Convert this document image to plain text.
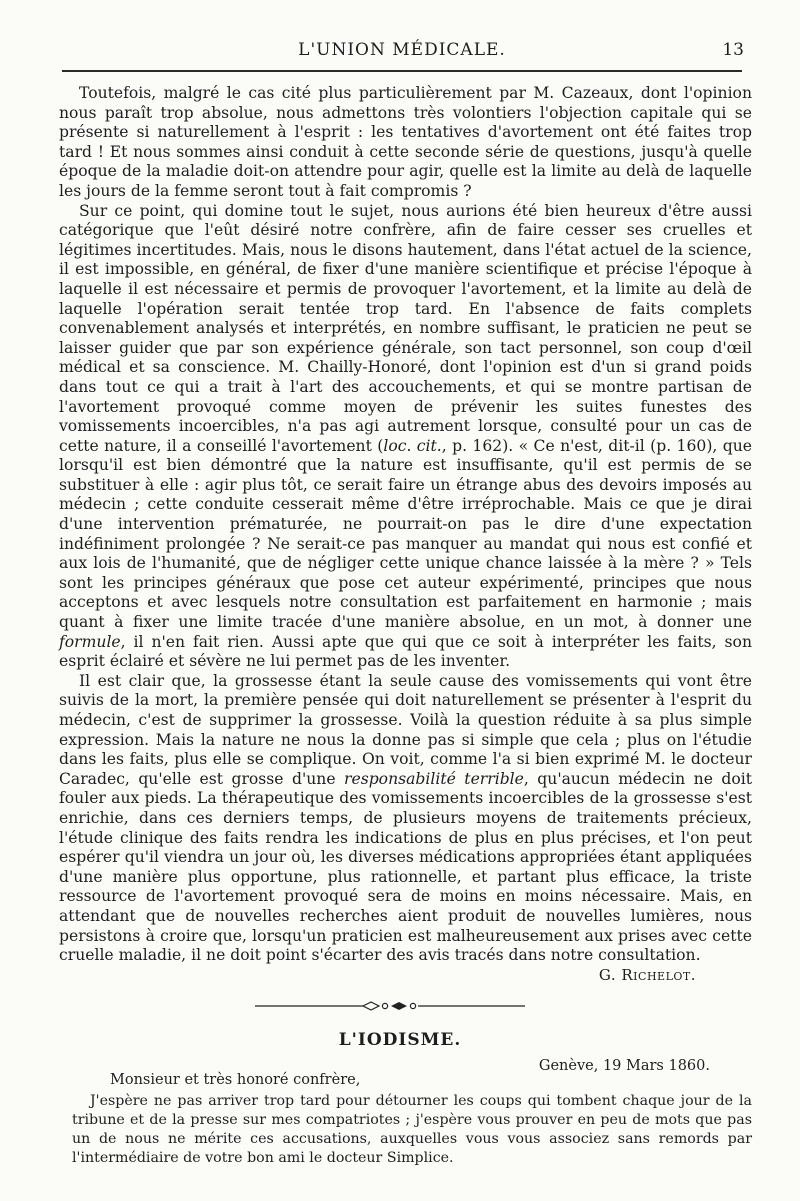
L'UNION MÉDICALE.	13

Toutefois, malgré le cas cité plus particulièrement par M. Cazeaux, dont l'opinion nous paraît trop absolue, nous admettons très volontiers l'objection capitale qui se présente si naturellement à l'esprit : les tentatives d'avortement ont été faites trop tard ! Et nous sommes ainsi conduit à cette seconde série de questions, jusqu'à quelle époque de la maladie doit-on attendre pour agir, quelle est la limite au delà de laquelle les jours de la femme seront tout à fait compromis ?

Sur ce point, qui domine tout le sujet, nous aurions été bien heureux d'être aussi catégorique que l'eût désiré notre confrère, afin de faire cesser ses cruelles et légitimes incertitudes. Mais, nous le disons hautement, dans l'état actuel de la science, il est impossible, en général, de fixer d'une manière scientifique et précise l'époque à laquelle il est nécessaire et permis de provoquer l'avortement, et la limite au delà de laquelle l'opération serait tentée trop tard. En l'absence de faits complets convenablement analysés et interprétés, en nombre suffisant, le praticien ne peut se laisser guider que par son expérience générale, son tact personnel, son coup d'œil médical et sa conscience. M. Chailly-Honoré, dont l'opinion est d'un si grand poids dans tout ce qui a trait à l'art des accouchements, et qui se montre partisan de l'avortement provoqué comme moyen de prévenir les suites funestes des vomissements incoercibles, n'a pas agi autrement lorsque, consulté pour un cas de cette nature, il a conseillé l'avortement (loc. cit., p. 162). « Ce n'est, dit-il (p. 160), que lorsqu'il est bien démontré que la nature est insuffisante, qu'il est permis de se substituer à elle : agir plus tôt, ce serait faire un étrange abus des devoirs imposés au médecin ; cette conduite cesserait même d'être irréprochable. Mais ce que je dirai d'une intervention prématurée, ne pourrait-on pas le dire d'une expectation indéfiniment prolongée ? Ne serait-ce pas manquer au mandat qui nous est confié et aux lois de l'humanité, que de négliger cette unique chance laissée à la mère ? » Tels sont les principes généraux que pose cet auteur expérimenté, principes que nous acceptons et avec lesquels notre consultation est parfaitement en harmonie ; mais quant à fixer une limite tracée d'une manière absolue, en un mot, à donner une formule, il n'en fait rien. Aussi apte que qui que ce soit à interpréter les faits, son esprit éclairé et sévère ne lui permet pas de les inventer.

Il est clair que, la grossesse étant la seule cause des vomissements qui vont être suivis de la mort, la première pensée qui doit naturellement se présenter à l'esprit du médecin, c'est de supprimer la grossesse. Voilà la question réduite à sa plus simple expression. Mais la nature ne nous la donne pas si simple que cela ; plus on l'étudie dans les faits, plus elle se complique. On voit, comme l'a si bien exprimé M. le docteur Caradec, qu'elle est grosse d'une responsabilité terrible, qu'aucun médecin ne doit fouler aux pieds. La thérapeutique des vomissements incoercibles de la grossesse s'est enrichie, dans ces derniers temps, de plusieurs moyens de traitements précieux, l'étude clinique des faits rendra les indications de plus en plus précises, et l'on peut espérer qu'il viendra un jour où, les diverses médications appropriées étant appliquées d'une manière plus opportune, plus rationnelle, et partant plus efficace, la triste ressource de l'avortement provoqué sera de moins en moins nécessaire. Mais, en attendant que de nouvelles recherches aient produit de nouvelles lumières, nous persistons à croire que, lorsqu'un praticien est malheureusement aux prises avec cette cruelle maladie, il ne doit point s'écarter des avis tracés dans notre consultation.

G. Richelot.
L'IODISME.
Genève, 19 Mars 1860.
Monsieur et très honoré confrère,

J'espère ne pas arriver trop tard pour détourner les coups qui tombent chaque jour de la tribune et de la presse sur mes compatriotes ; j'espère vous prouver en peu de mots que pas un de nous ne mérite ces accusations, auxquelles vous vous associez sans remords par l'intermédiaire de votre bon ami le docteur Simplice.
